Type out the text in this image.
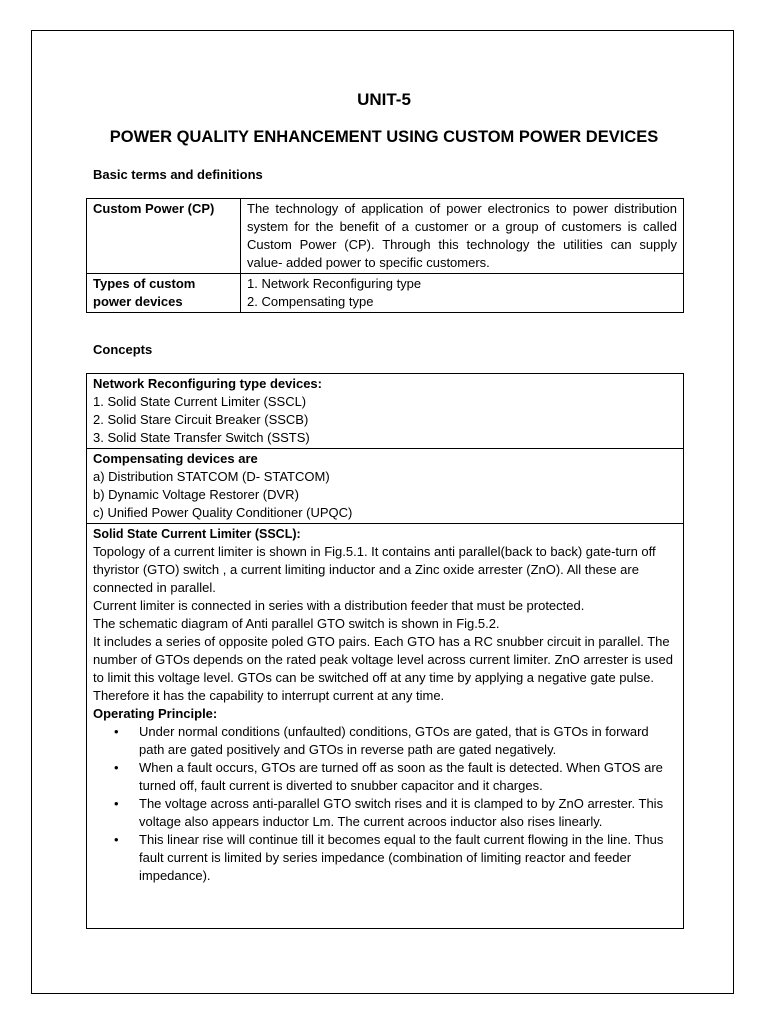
UNIT-5
POWER QUALITY ENHANCEMENT USING CUSTOM POWER DEVICES
Basic terms and definitions
Custom Power (CP)	The technology of application of power electronics to power distribution system for the benefit of a customer or a group of customers is called Custom Power (CP). Through this technology the utilities can supply value- added power to specific customers.
Types of custom power devices	1. Network Reconfiguring type
2. Compensating type
Concepts
Network Reconfiguring type devices:
1. Solid State Current Limiter (SSCL)
2. Solid Stare Circuit Breaker (SSCB)
3. Solid State Transfer Switch (SSTS)
Compensating devices are
a) Distribution STATCOM (D- STATCOM)
b) Dynamic Voltage Restorer (DVR)
c) Unified Power Quality Conditioner (UPQC)
Solid State Current Limiter (SSCL):

Topology of a current limiter is shown in Fig.5.1. It contains anti parallel(back to back) gate-turn off thyristor (GTO) switch , a current limiting inductor and a Zinc oxide arrester (ZnO). All these are connected in parallel.

Current limiter is connected in series with a distribution feeder that must be protected.

The schematic diagram of Anti parallel GTO switch is shown in Fig.5.2.

It includes a series of opposite poled GTO pairs. Each GTO has a RC snubber circuit in parallel. The number of GTOs depends on the rated peak voltage level across current limiter. ZnO arrester is used to limit this voltage level. GTOs can be switched off at any time by applying a negative gate pulse. Therefore it has the capability to interrupt current at any time.

Operating Principle:
• Under normal conditions (unfaulted) conditions, GTOs are gated, that is GTOs in forward path are gated positively and GTOs in reverse path are gated negatively.
• When a fault occurs, GTOs are turned off as soon as the fault is detected. When GTOS are turned off, fault current is diverted to snubber capacitor and it charges.
• The voltage across anti-parallel GTO switch rises and it is clamped to by ZnO arrester. This voltage also appears inductor Lm. The current acroos inductor also rises linearly.
• This linear rise will continue till it becomes equal to the fault current flowing in the line. Thus fault current is limited by series impedance (combination of limiting reactor and feeder impedance).
